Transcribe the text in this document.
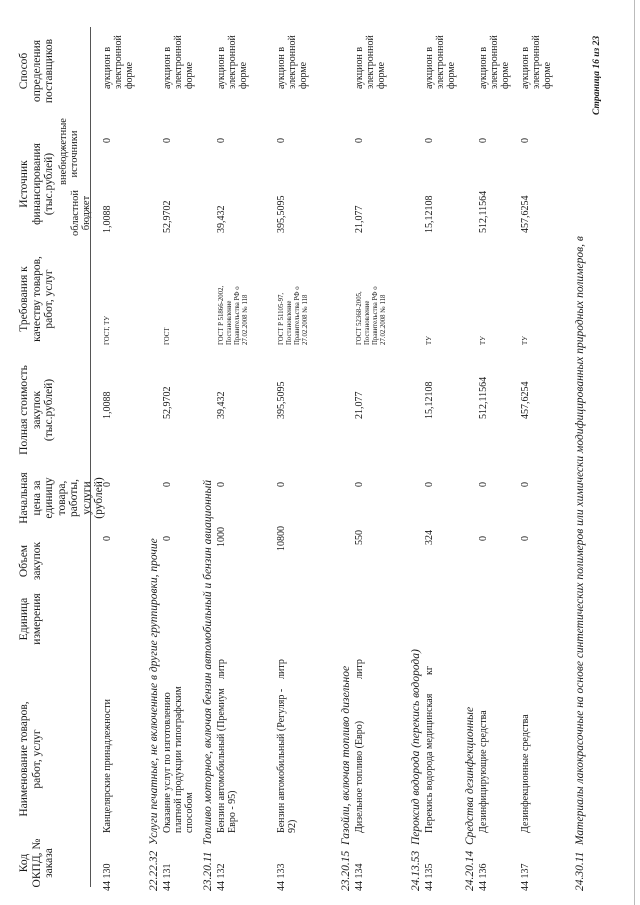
Код ОКПД, № заказа
Наименование товаров, работ, услуг
Единица измерения
Объем закупок
Начальная цена за единицу товара, работы, услуги (рублей)
Полная стоимость закупок (тыс.рублей)
Требования к качеству товаров, работ, услуг
Источник финансирования (тыс.рублей) областной бюджет
внебюджетные источники
Способ определения поставщиков
44 130
Канцелярские принадлежности
0
0
1,0088
ГОСТ, ТУ
1,0088
0
аукцион в электронной форме
22.22.32Услуги печатные, не включенные в другие группировки, прочие
44 131
Оказание услуг по изготовлению платной продукции типографским способом
0
0
52,9702
ГОСТ
52,9702
0
аукцион в электронной форме
23.20.11Топливо моторное, включая бензин автомобильный и бензин авиационный
44 132
Бензин автомобильный (Премиум Евро - 95)
литр
1000
0
39,432
ГОСТ Р 51866-2002, Постановление Правительства РФ о 27.02.2008 № 118
39,432
0
аукцион в электронной форме
44 133
Бензин автомобильный (Регуляр - 92)
литр
10800
0
395,5095
ГОСТ Р 51105-97, Постановление Правительства РФ о 27.02.2008 № 118
395,5095
0
аукцион в электронной форме
23.20.15Газойли, включая топливо дизельное
44 134
Дизельное топливо (Евро)
литр
550
0
21,077
ГОСТ 52368-2005, Постановление Правительства РФ о 27.02.2008 № 118
21,077
0
аукцион в электронной форме
24.13.53Пероксид водорода (перекись водорода)
44 135
Перекись водорода медицинская
кг
324
0
15,12108
ТУ
15,12108
0
аукцион в электронной форме
24.20.14Средства дезинфекционные
44 136
Дезинфицирующие средства
0
0
512,11564
ТУ
512,11564
0
аукцион в электронной форме
44 137
Дезинфекционные средства
0
0
457,6254
ТУ
457,6254
0
аукцион в электронной форме
24.30.11Материалы лакокрасочные на основе синтетических полимеров или химически модифицированных природных полимеров, в
Страница 16 из 23
